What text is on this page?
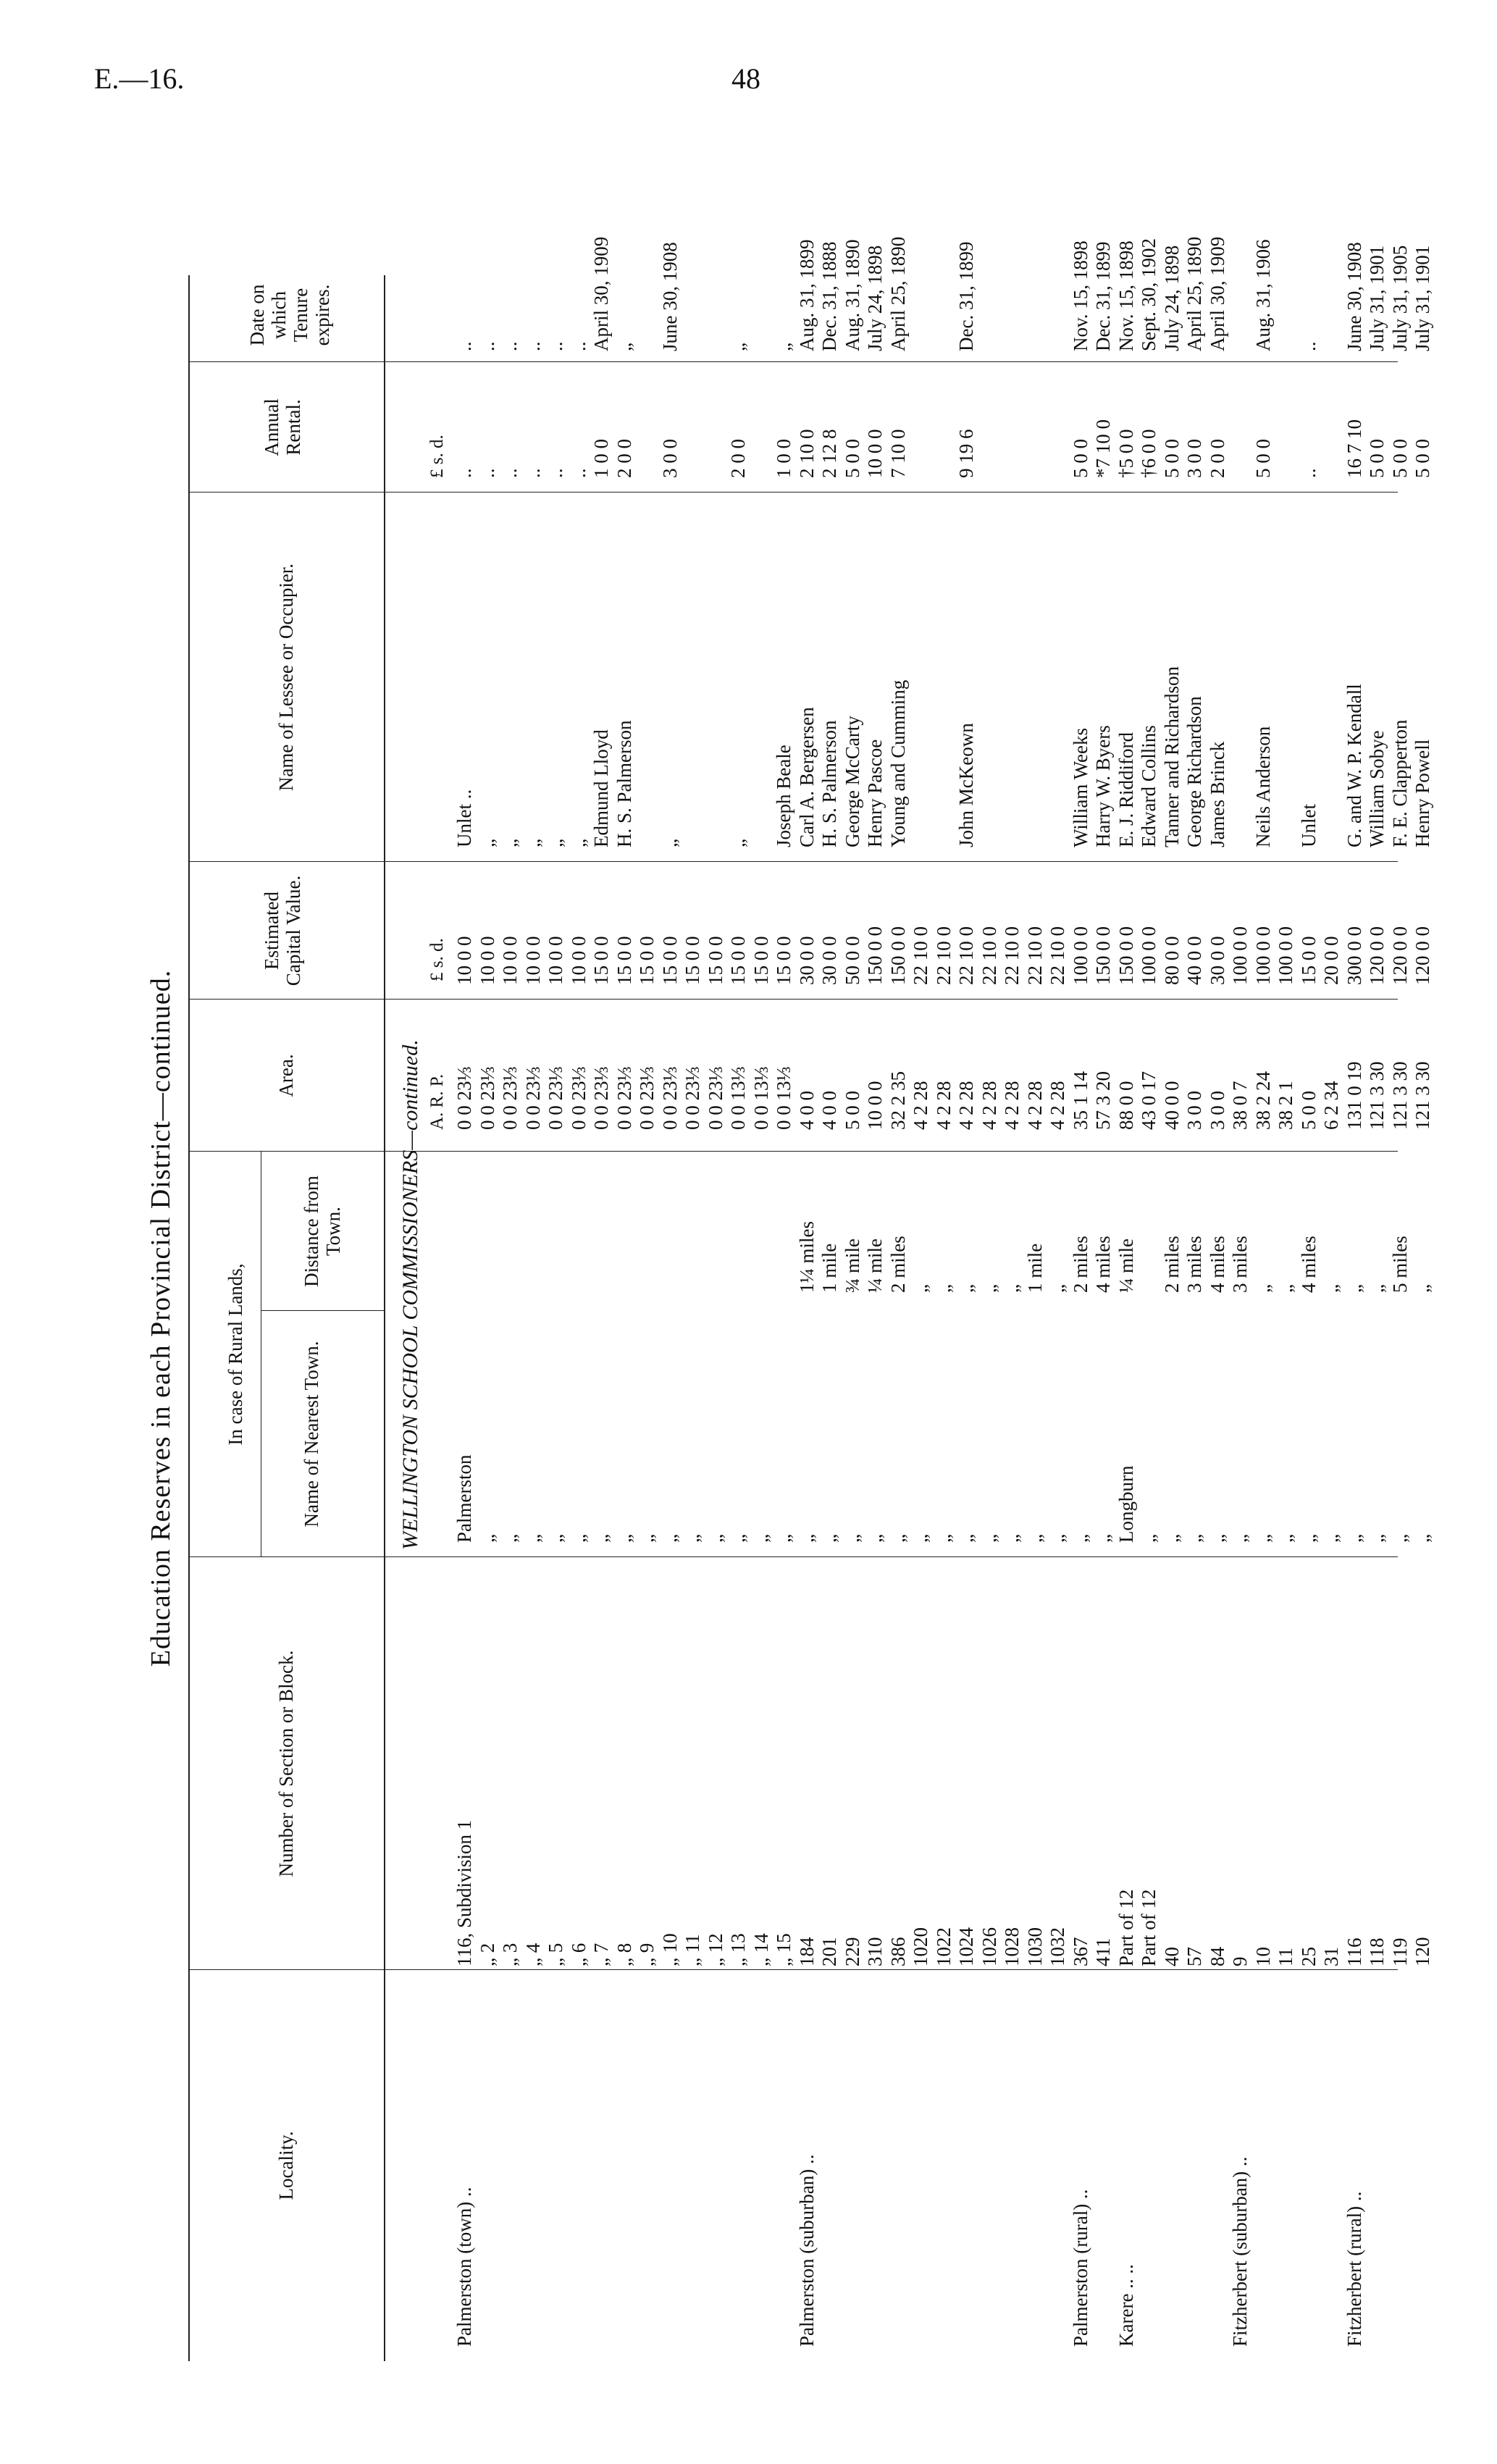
E.—16.	48
Education Reserves in each Provincial District—continued.
Locality.
Number of Section or Block.
In case of Rural Lands,	Name of Nearest Town.
Distance from Town.
Area.
Estimated Capital Value.
Name of Lessee or Occupier.
Annual Rental.
Date on which Tenure expires.
WELLINGTON SCHOOL COMMISSIONERS—continued. A. R. P.
£ s. d.
£ s. d.
Palmerston (town) ..
116, Subdivision 1
Palmerston
0 0 23⅓
10 0 0
Unlet ..
..
..
„ 2
„
0 0 23⅓
10 0 0
„
..
..
„ 3
„
0 0 23⅓
10 0 0
„
..
..
„ 4
„
0 0 23⅓
10 0 0
„
..
..
„ 5
„
0 0 23⅓
10 0 0
„
..
..
„ 6
„
0 0 23⅓
10 0 0
„
..
..
„ 7
„
0 0 23⅓
15 0 0
Edmund Lloyd
1 0 0
April 30, 1909
„ 8
„
0 0 23⅓
15 0 0
H. S. Palmerson
2 0 0
„
„ 9
„
0 0 23⅓
15 0 0
„ 10
„
0 0 23⅓
15 0 0
„
3 0 0
June 30, 1908
„ 11
„
0 0 23⅓
15 0 0
„ 12
„
0 0 23⅓
15 0 0
„ 13
„
0 0 13⅓
15 0 0
„
2 0 0
„
„ 14
„
0 0 13⅓
15 0 0
„ 15
„
0 0 13⅓
15 0 0
Joseph Beale
1 0 0
„
Palmerston (suburban) ..
184
„
1¼ miles
4 0 0
30 0 0
Carl A. Bergersen
2 10 0
Aug. 31, 1899
201
„
1 mile
4 0 0
30 0 0
H. S. Palmerson
2 12 8
Dec. 31, 1888
229
„
¾ mile
5 0 0
50 0 0
George McCarty
5 0 0
Aug. 31, 1890
310
„
¼ mile
10 0 0
150 0 0
Henry Pascoe
10 0 0
July 24, 1898
386
„
2 miles
32 2 35
150 0 0
Young and Cumming
7 10 0
April 25, 1890
1020
„
„
4 2 28
22 10 0
1022
„
„
4 2 28
22 10 0
1024
„
„
4 2 28
22 10 0
John McKeown
9 19 6
Dec. 31, 1899
1026
„
„
4 2 28
22 10 0
1028
„
„
4 2 28
22 10 0
1030
„
1 mile
4 2 28
22 10 0
1032
„
„
4 2 28
22 10 0
Palmerston (rural) ..
367
„
2 miles
35 1 14
100 0 0
William Weeks
5 0 0
Nov. 15, 1898
411
„
4 miles
57 3 20
150 0 0
Harry W. Byers
*7 10 0
Dec. 31, 1899
Karere .. ..
Part of 12
Longburn
¼ mile
88 0 0
150 0 0
E. J. Riddiford
†5 0 0
Nov. 15, 1898
Part of 12
„
43 0 17
100 0 0
Edward Collins
†6 0 0
Sept. 30, 1902
40
„
2 miles
40 0 0
80 0 0
Tanner and Richardson
5 0 0
July 24, 1898
57
„
3 miles
3 0 0
40 0 0
George Richardson
3 0 0
April 25, 1890
84
„
4 miles
3 0 0
30 0 0
James Brinck
2 0 0
April 30, 1909
Fitzherbert (suburban) ..
9
„
3 miles
38 0 7
100 0 0
10
„
„
38 2 24
100 0 0
Neils Anderson
5 0 0
Aug. 31, 1906
11
„
„
38 2 1
100 0 0
25
„
4 miles
5 0 0
15 0 0
Unlet
..
..
31
„
„
6 2 34
20 0 0
Fitzherbert (rural) ..
116
„
„
131 0 19
300 0 0
G. and W. P. Kendall
16 7 10
June 30, 1908
118
„
„
121 3 30
120 0 0
William Sobye
5 0 0
July 31, 1901
119
„
5 miles
121 3 30
120 0 0
F. E. Clapperton
5 0 0
July 31, 1905
120
„
„
121 3 30
120 0 0
Henry Powell
5 0 0
July 31, 1901
